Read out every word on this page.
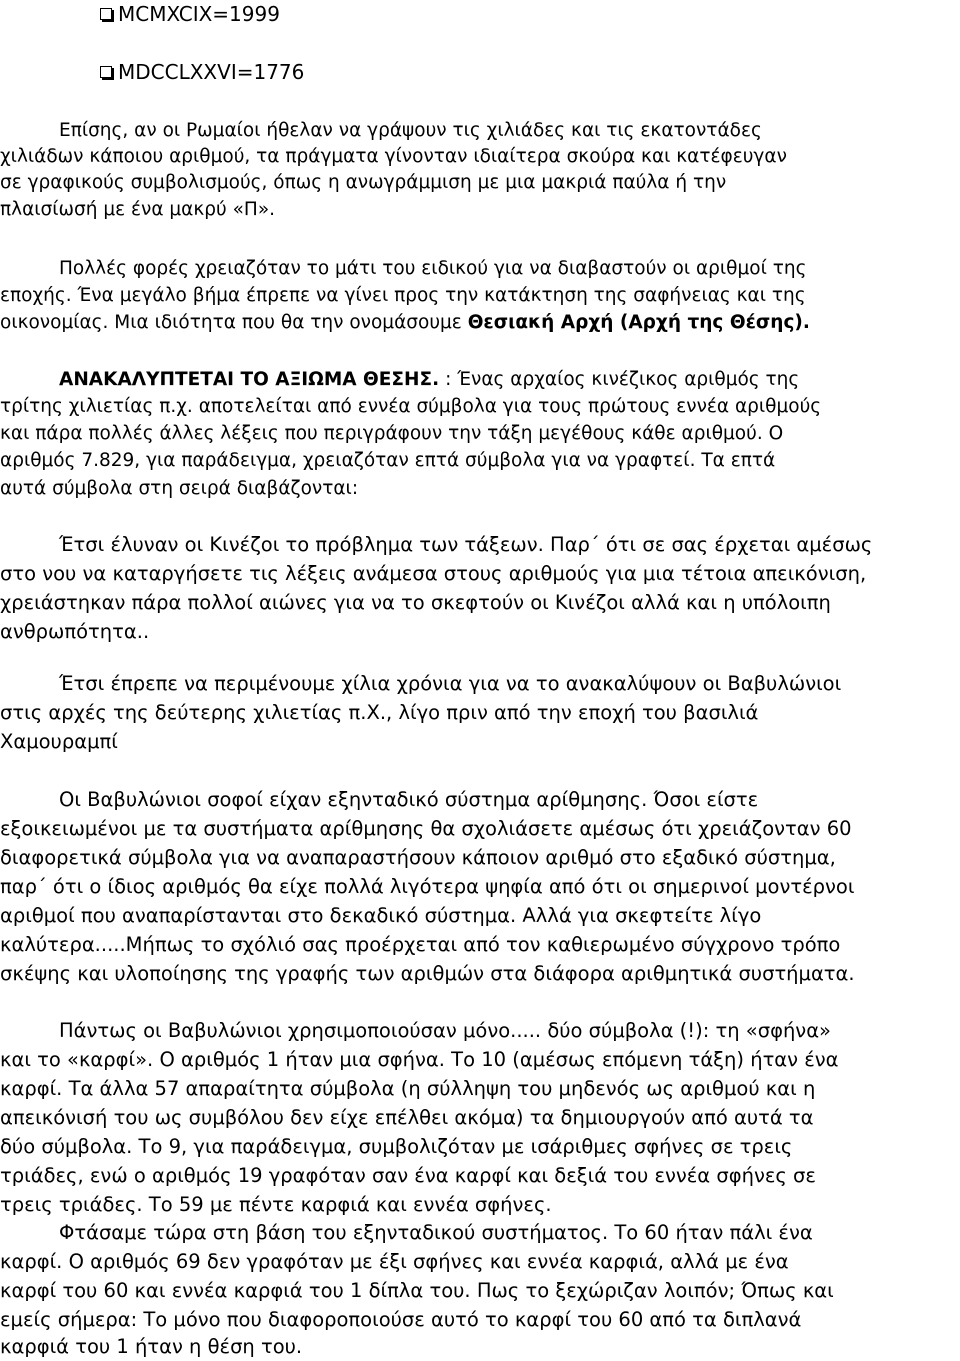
MCMXCIX=1999
MDCCLXXVI=1776
Επίσης, αν οι Ρωμαίοι ήθελαν να γράψουν τις χιλιάδες και τις εκατοντάδες
χιλιάδων κάποιου αριθμού, τα πράγματα γίνονταν ιδιαίτερα σκούρα και κατέφευγαν
σε γραφικούς συμβολισμούς, όπως η ανωγράμμιση με μια μακριά παύλα ή την
πλαισίωσή με ένα μακρύ «Π».
Πολλές φορές χρειαζόταν το μάτι του ειδικού για να διαβαστούν οι αριθμοί της
εποχής. Ένα μεγάλο βήμα έπρεπε να γίνει προς την κατάκτηση της σαφήνειας και της
οικονομίας. Μια ιδιότητα που θα την ονομάσουμε Θεσιακή Αρχή (Αρχή της Θέσης).
ΑΝΑΚΑΛΥΠΤΕΤΑΙ ΤΟ ΑΞΙΩΜΑ ΘΕΣΗΣ. : Ένας αρχαίος κινέζικος αριθμός της
τρίτης χιλιετίας π.χ. αποτελείται από εννέα σύμβολα για τους πρώτους εννέα αριθμούς
και πάρα πολλές άλλες λέξεις που περιγράφουν την τάξη μεγέθους κάθε αριθμού. Ο
αριθμός 7.829, για παράδειγμα, χρειαζόταν επτά σύμβολα για να γραφτεί. Τα επτά
αυτά σύμβολα στη σειρά διαβάζονται:
Έτσι έλυναν οι Κινέζοι το πρόβλημα των τάξεων. Παρ΄ ότι σε σας έρχεται αμέσως
στο νου να καταργήσετε τις λέξεις ανάμεσα στους αριθμούς για μια τέτοια απεικόνιση,
χρειάστηκαν πάρα πολλοί αιώνες για να το σκεφτούν οι Κινέζοι αλλά και η υπόλοιπη
ανθρωπότητα..
Έτσι έπρεπε να περιμένουμε χίλια χρόνια για να το ανακαλύψουν οι Βαβυλώνιοι
στις αρχές της δεύτερης χιλιετίας π.Χ., λίγο πριν από την εποχή του βασιλιά
Χαμουραμπί
Οι Βαβυλώνιοι σοφοί είχαν εξηνταδικό σύστημα αρίθμησης. Όσοι είστε
εξοικειωμένοι με τα συστήματα αρίθμησης θα σχολιάσετε αμέσως ότι χρειάζονταν 60
διαφορετικά σύμβολα για να αναπαραστήσουν κάποιον αριθμό στο εξαδικό σύστημα,
παρ΄ ότι ο ίδιος αριθμός θα είχε πολλά λιγότερα ψηφία από ότι οι σημερινοί μοντέρνοι
αριθμοί που αναπαρίστανται στο δεκαδικό σύστημα. Αλλά για σκεφτείτε λίγο
καλύτερα.....Μήπως το σχόλιό σας προέρχεται από τον καθιερωμένο σύγχρονο τρόπο
σκέψης και υλοποίησης της γραφής των αριθμών στα διάφορα αριθμητικά συστήματα.
Πάντως οι Βαβυλώνιοι χρησιμοποιούσαν μόνο..... δύο σύμβολα (!): τη «σφήνα»
και το «καρφί». Ο αριθμός 1 ήταν μια σφήνα. Το 10 (αμέσως επόμενη τάξη) ήταν ένα
καρφί. Τα άλλα 57 απαραίτητα σύμβολα (η σύλληψη του μηδενός ως αριθμού και η
απεικόνισή του ως συμβόλου δεν είχε επέλθει ακόμα) τα δημιουργούν από αυτά τα
δύο σύμβολα. Το 9, για παράδειγμα, συμβολιζόταν με ισάριθμες σφήνες σε τρεις
τριάδες, ενώ ο αριθμός 19 γραφόταν σαν ένα καρφί και δεξιά του εννέα σφήνες σε
τρεις τριάδες. Το 59 με πέντε καρφιά και εννέα σφήνες.
Φτάσαμε τώρα στη βάση του εξηνταδικού συστήματος. Το 60 ήταν πάλι ένα
καρφί. Ο αριθμός 69 δεν γραφόταν με έξι σφήνες και εννέα καρφιά, αλλά με ένα
καρφί του 60 και εννέα καρφιά του 1 δίπλα του. Πως το ξεχώριζαν λοιπόν; Όπως και
εμείς σήμερα: Το μόνο που διαφοροποιούσε αυτό το καρφί του 60 από τα διπλανά
καρφιά του 1 ήταν η θέση του.
